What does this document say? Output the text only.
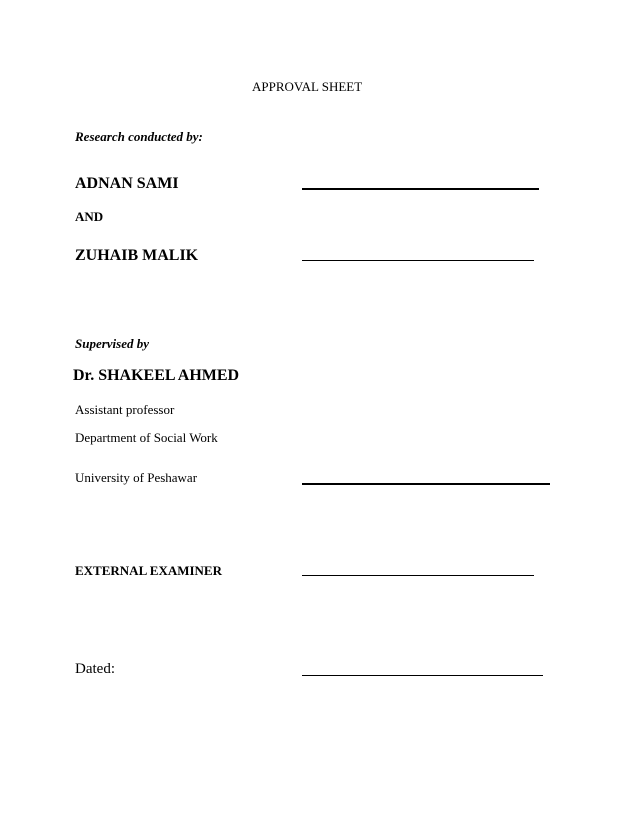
APPROVAL SHEET
Research conducted by:
ADNAN SAMI
AND
ZUHAIB MALIK
Supervised by
Dr. SHAKEEL AHMED
Assistant professor
Department of Social Work
University of Peshawar
EXTERNAL EXAMINER
Dated:
